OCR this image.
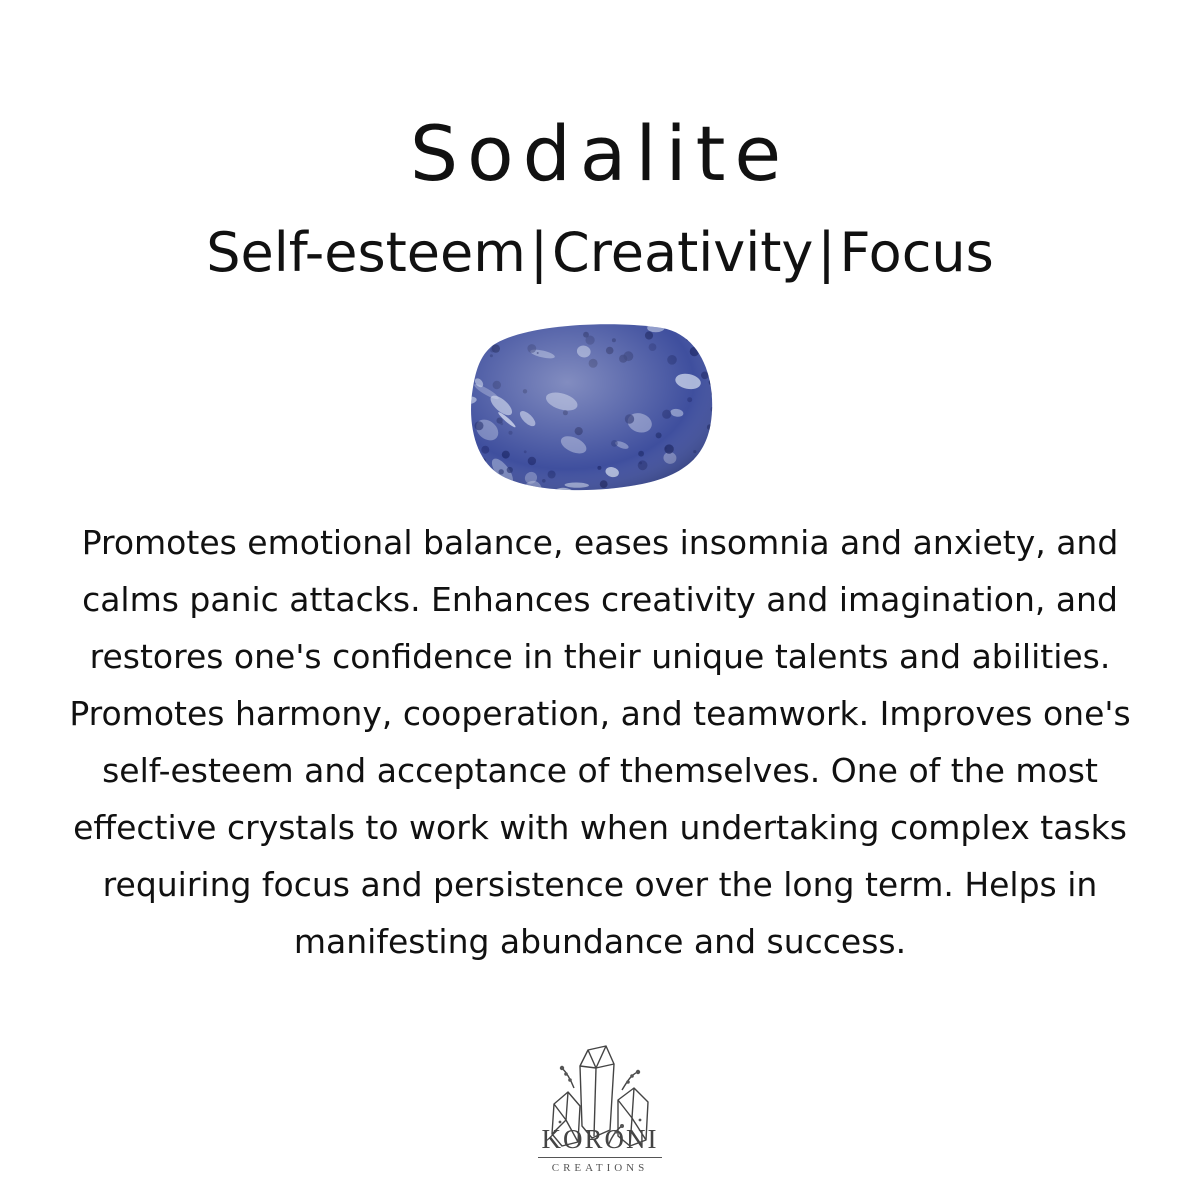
Sodalite
Self-esteem|Creativity|Focus
Promotes emotional balance, eases insomnia and anxiety, and calms panic attacks. Enhances creativity and imagination, and restores one's confidence in their unique talents and abilities. Promotes harmony, cooperation, and teamwork. Improves one's self-esteem and acceptance of themselves. One of the most effective crystals to work with when undertaking complex tasks requiring focus and persistence over the long term. Helps in manifesting abundance and success.
KORONI
CREATIONS
